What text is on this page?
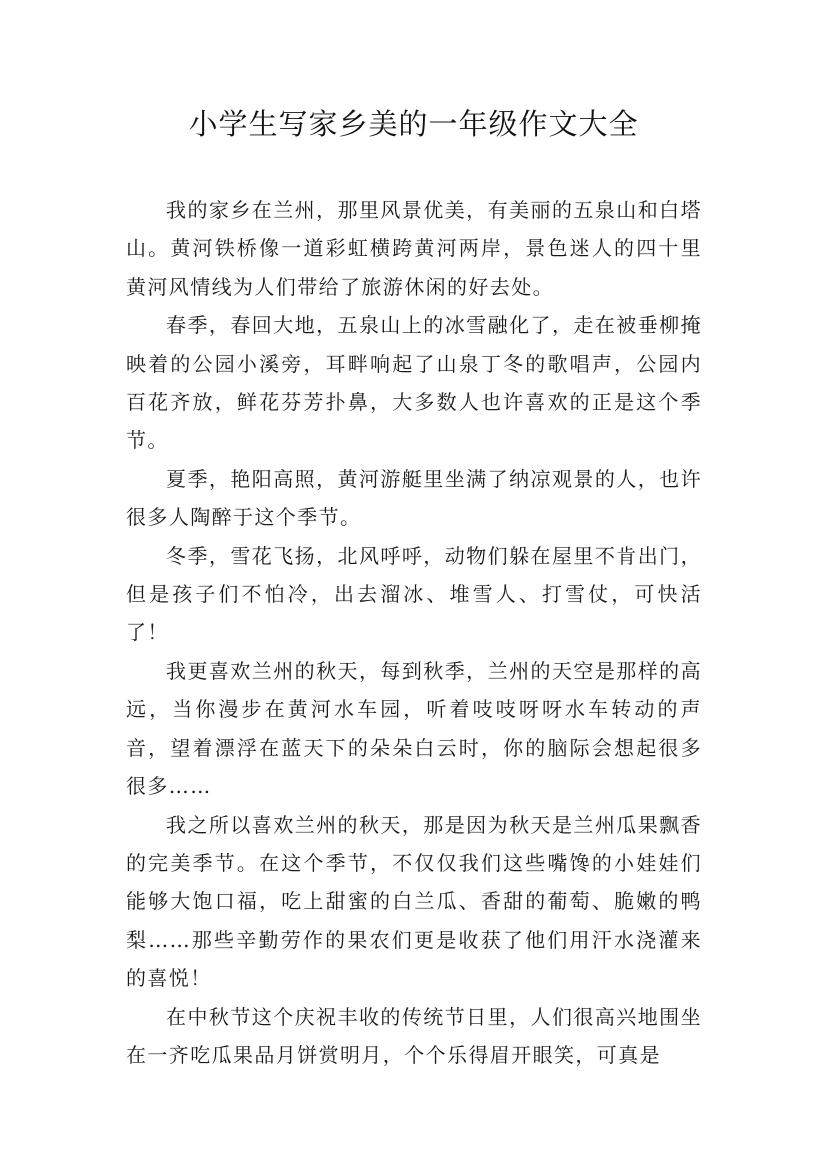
小学生写家乡美的一年级作文大全

我的家乡在兰州，那里风景优美，有美丽的五泉山和白塔山。黄河铁桥像一道彩虹横跨黄河两岸，景色迷人的四十里黄河风情线为人们带给了旅游休闲的好去处。

春季，春回大地，五泉山上的冰雪融化了，走在被垂柳掩映着的公园小溪旁，耳畔响起了山泉丁冬的歌唱声，公园内百花齐放，鲜花芬芳扑鼻，大多数人也许喜欢的正是这个季节。

夏季，艳阳高照，黄河游艇里坐满了纳凉观景的人，也许很多人陶醉于这个季节。

冬季，雪花飞扬，北风呼呼，动物们躲在屋里不肯出门，但是孩子们不怕冷，出去溜冰、堆雪人、打雪仗，可快活了！

我更喜欢兰州的秋天，每到秋季，兰州的天空是那样的高远，当你漫步在黄河水车园，听着吱吱呀呀水车转动的声音，望着漂浮在蓝天下的朵朵白云时，你的脑际会想起很多很多……

我之所以喜欢兰州的秋天，那是因为秋天是兰州瓜果飘香的完美季节。在这个季节，不仅仅我们这些嘴馋的小娃娃们能够大饱口福，吃上甜蜜的白兰瓜、香甜的葡萄、脆嫩的鸭梨……那些辛勤劳作的果农们更是收获了他们用汗水浇灌来的喜悦！

在中秋节这个庆祝丰收的传统节日里，人们很高兴地围坐在一齐吃瓜果品月饼赏明月，个个乐得眉开眼笑，可真是
